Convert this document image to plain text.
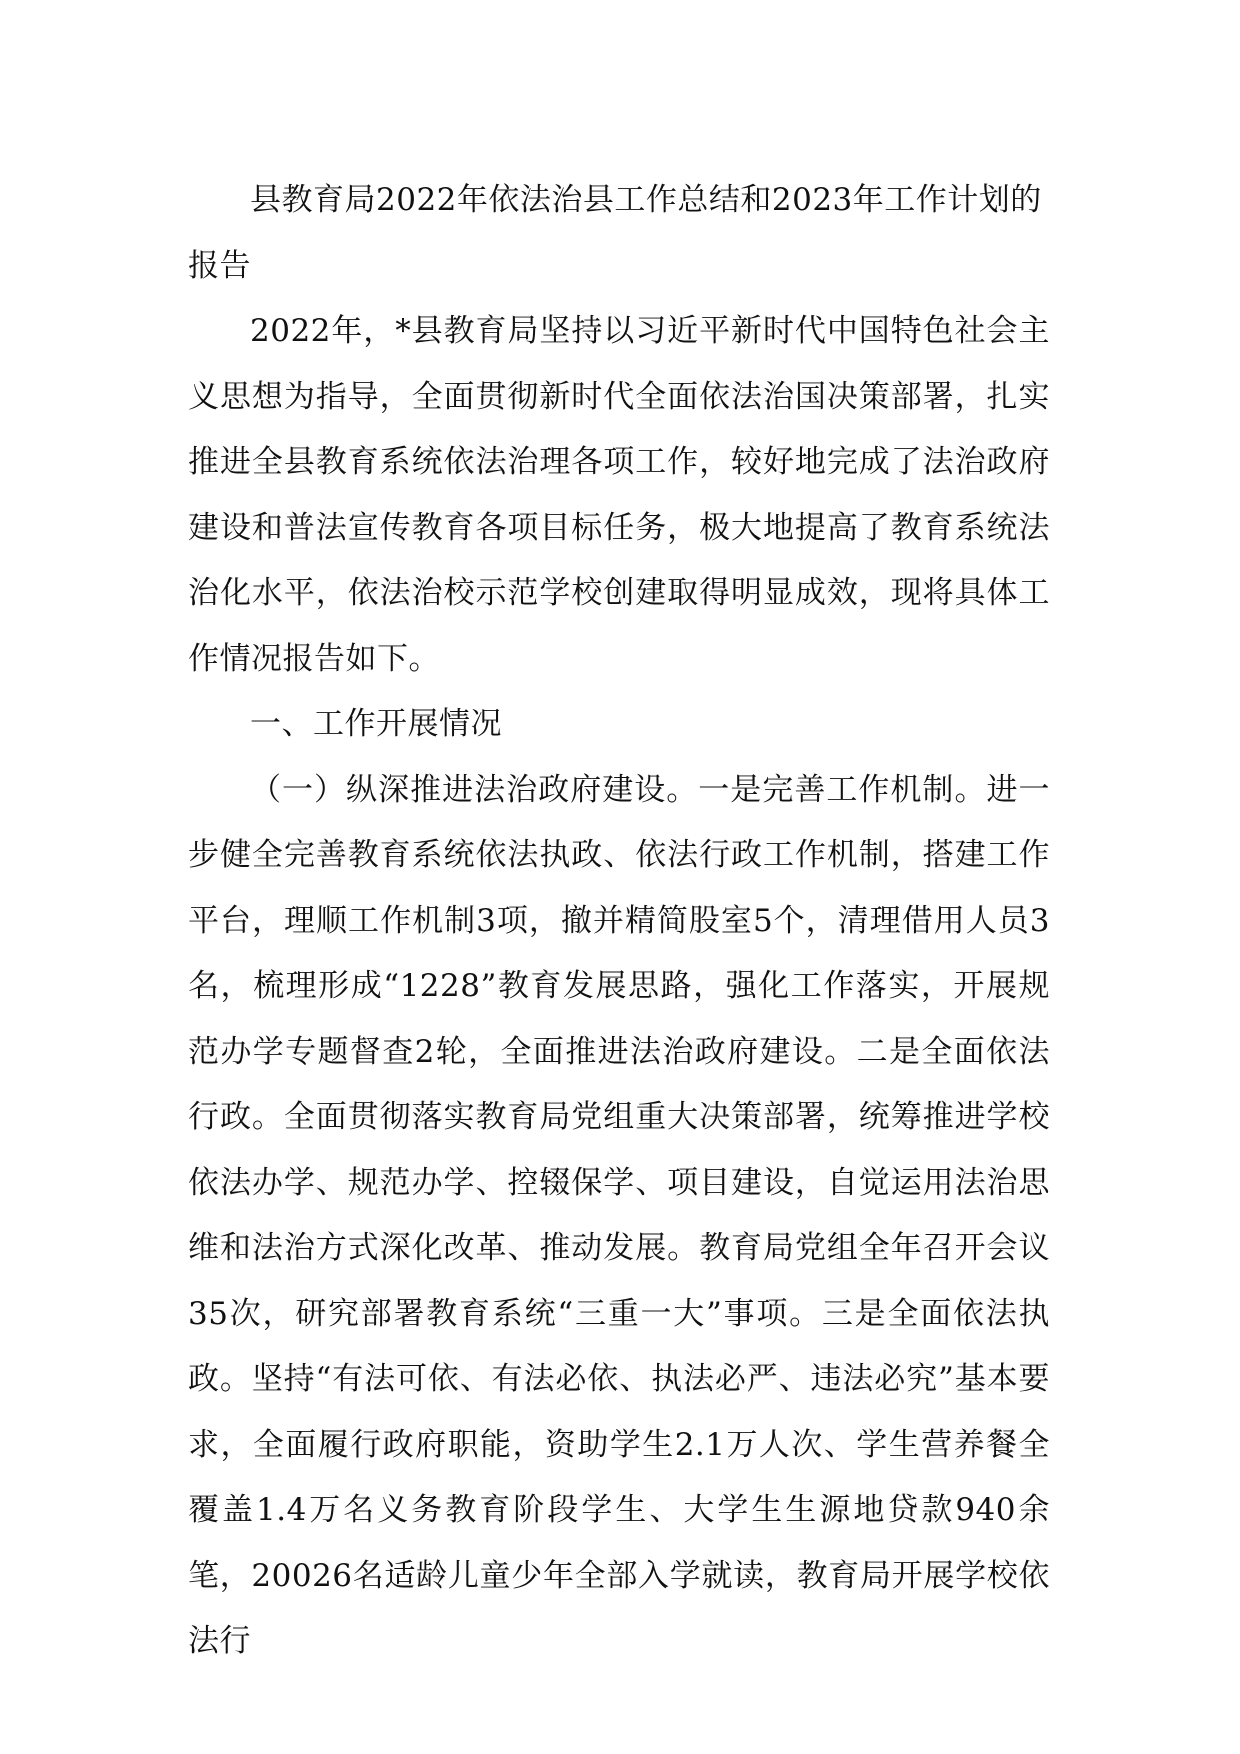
县教育局2022年依法治县工作总结和2023年工作计划的报告

2022年，*县教育局坚持以习近平新时代中国特色社会主义思想为指导，全面贯彻新时代全面依法治国决策部署，扎实推进全县教育系统依法治理各项工作，较好地完成了法治政府建设和普法宣传教育各项目标任务，极大地提高了教育系统法治化水平，依法治校示范学校创建取得明显成效，现将具体工作情况报告如下。

一、工作开展情况

（一）纵深推进法治政府建设。一是完善工作机制。进一步健全完善教育系统依法执政、依法行政工作机制，搭建工作平台，理顺工作机制3项，撤并精简股室5个，清理借用人员3名，梳理形成“1228”教育发展思路，强化工作落实，开展规范办学专题督查2轮，全面推进法治政府建设。二是全面依法行政。全面贯彻落实教育局党组重大决策部署，统筹推进学校依法办学、规范办学、控辍保学、项目建设，自觉运用法治思维和法治方式深化改革、推动发展。教育局党组全年召开会议35次，研究部署教育系统“三重一大”事项。三是全面依法执政。坚持“有法可依、有法必依、执法必严、违法必究”基本要求，全面履行政府职能，资助学生2.1万人次、学生营养餐全覆盖1.4万名义务教育阶段学生、大学生生源地贷款940余笔，20026名适龄儿童少年全部入学就读，教育局开展学校依法行
